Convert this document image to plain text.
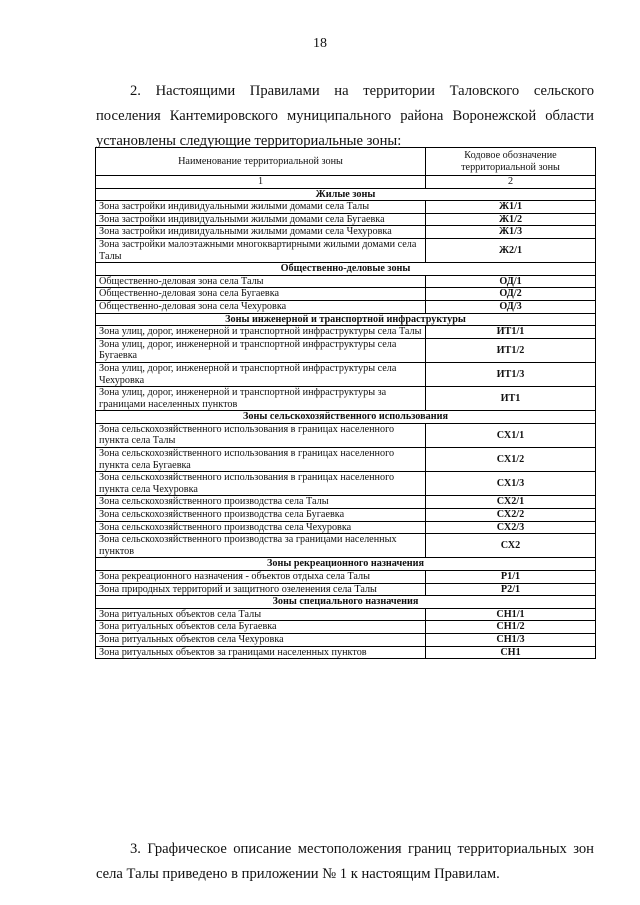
18

2. Настоящими Правилами на территории Таловского сельского поселения Кантемировского муниципального района Воронежской области установлены следующие территориальные зоны:

Наименование территориальной зоны	Кодовое обозначение территориальной зоны
1	2
Жилые зоны	
Зона застройки индивидуальными жилыми домами села Талы	Ж1/1
Зона застройки индивидуальными жилыми домами села Бугаевка	Ж1/2
Зона застройки индивидуальными жилыми домами села Чехуровка	Ж1/3
Зона застройки малоэтажными многоквартирными жилыми домами села Талы	Ж2/1
Общественно-деловые зоны	
Общественно-деловая зона села Талы	ОД/1
Общественно-деловая зона села Бугаевка	ОД/2
Общественно-деловая зона села Чехуровка	ОД/3
Зоны инженерной и транспортной инфраструктуры	
Зона улиц, дорог, инженерной и транспортной инфраструктуры села Талы	ИТ1/1
Зона улиц, дорог, инженерной и транспортной инфраструктуры села Бугаевка	ИТ1/2
Зона улиц, дорог, инженерной и транспортной инфраструктуры села Чехуровка	ИТ1/3
Зона улиц, дорог, инженерной и транспортной инфраструктуры за границами населенных пунктов	ИТ1
Зоны сельскохозяйственного использования	
Зона сельскохозяйственного использования в границах населенного пункта села Талы	СХ1/1
Зона сельскохозяйственного использования в границах населенного пункта села Бугаевка	СХ1/2
Зона сельскохозяйственного использования в границах населенного пункта села Чехуровка	СХ1/3
Зона сельскохозяйственного производства села Талы	СХ2/1
Зона сельскохозяйственного производства села Бугаевка	СХ2/2
Зона сельскохозяйственного производства села Чехуровка	СХ2/3
Зона сельскохозяйственного производства за границами населенных пунктов	СХ2
Зоны рекреационного назначения	
Зона рекреационного назначения - объектов отдыха села Талы	Р1/1
Зона природных территорий и защитного озеленения села Талы	Р2/1
Зоны специального назначения	
Зона ритуальных объектов села Талы	СН1/1
Зона ритуальных объектов села Бугаевка	СН1/2
Зона ритуальных объектов села Чехуровка	СН1/3
Зона ритуальных объектов за границами населенных пунктов	СН1

3. Графическое описание местоположения границ территориальных зон села Талы приведено в приложении № 1 к настоящим Правилам.
